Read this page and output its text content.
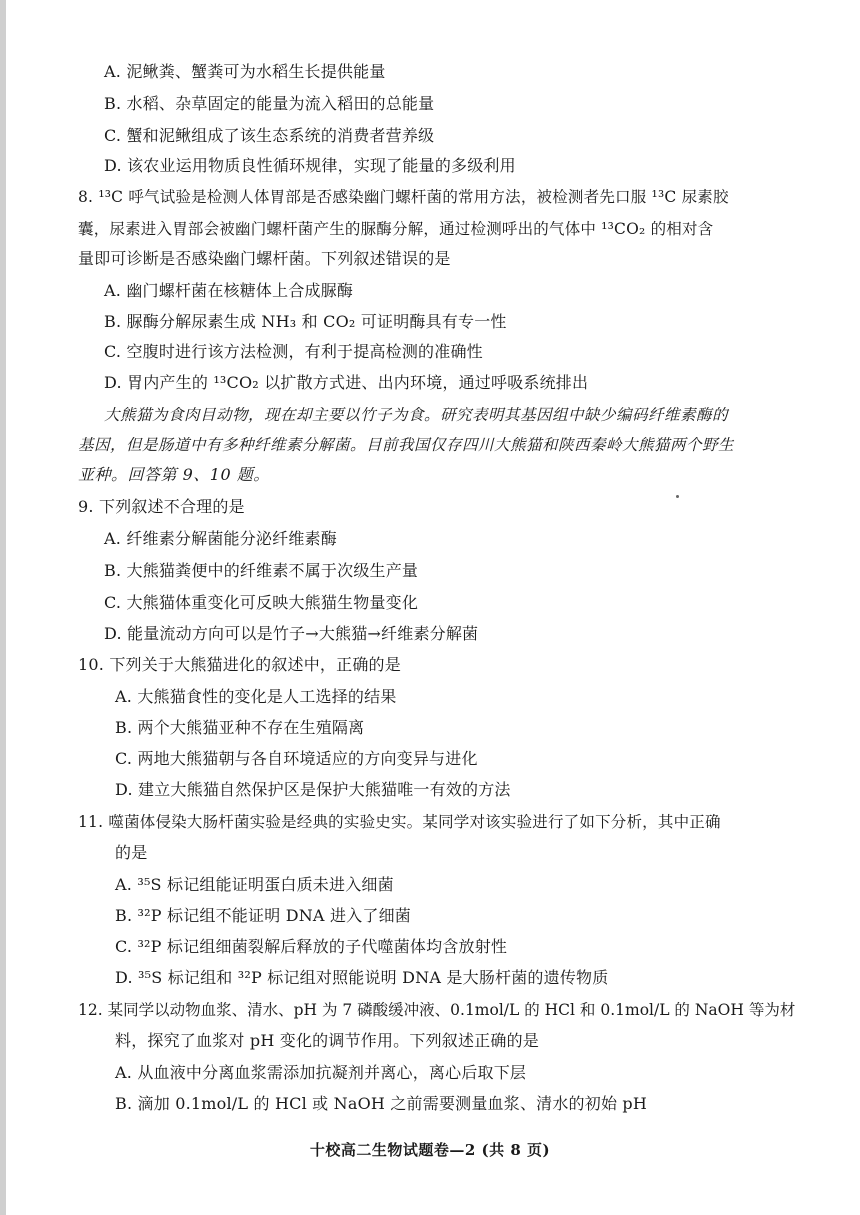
A. 泥鳅粪、蟹粪可为水稻生长提供能量
B. 水稻、杂草固定的能量为流入稻田的总能量
C. 蟹和泥鳅组成了该生态系统的消费者营养级
D. 该农业运用物质良性循环规律，实现了能量的多级利用
8. ¹³C 呼气试验是检测人体胃部是否感染幽门螺杆菌的常用方法，被检测者先口服 ¹³C 尿素胶
囊，尿素进入胃部会被幽门螺杆菌产生的脲酶分解，通过检测呼出的气体中 ¹³CO₂ 的相对含
量即可诊断是否感染幽门螺杆菌。下列叙述错误的是
A. 幽门螺杆菌在核糖体上合成脲酶
B. 脲酶分解尿素生成 NH₃ 和 CO₂ 可证明酶具有专一性
C. 空腹时进行该方法检测，有利于提高检测的准确性
D. 胃内产生的 ¹³CO₂ 以扩散方式进、出内环境，通过呼吸系统排出
大熊猫为食肉目动物，现在却主要以竹子为食。研究表明其基因组中缺少编码纤维素酶的
基因，但是肠道中有多种纤维素分解菌。目前我国仅存四川大熊猫和陕西秦岭大熊猫两个野生
亚种。回答第 9、10 题。
9. 下列叙述不合理的是
A. 纤维素分解菌能分泌纤维素酶
B. 大熊猫粪便中的纤维素不属于次级生产量
C. 大熊猫体重变化可反映大熊猫生物量变化
D. 能量流动方向可以是竹子→大熊猫→纤维素分解菌
10. 下列关于大熊猫进化的叙述中，正确的是
A. 大熊猫食性的变化是人工选择的结果
B. 两个大熊猫亚种不存在生殖隔离
C. 两地大熊猫朝与各自环境适应的方向变异与进化
D. 建立大熊猫自然保护区是保护大熊猫唯一有效的方法
11. 噬菌体侵染大肠杆菌实验是经典的实验史实。某同学对该实验进行了如下分析，其中正确
的是
A. ³⁵S 标记组能证明蛋白质未进入细菌
B. ³²P 标记组不能证明 DNA 进入了细菌
C. ³²P 标记组细菌裂解后释放的子代噬菌体均含放射性
D. ³⁵S 标记组和 ³²P 标记组对照能说明 DNA 是大肠杆菌的遗传物质
12. 某同学以动物血浆、清水、pH 为 7 磷酸缓冲液、0.1mol/L 的 HCl 和 0.1mol/L 的 NaOH 等为材
料，探究了血浆对 pH 变化的调节作用。下列叙述正确的是
A. 从血液中分离血浆需添加抗凝剂并离心，离心后取下层
B. 滴加 0.1mol/L 的 HCl 或 NaOH 之前需要测量血浆、清水的初始 pH
十校高二生物试题卷—2 (共 8 页)
